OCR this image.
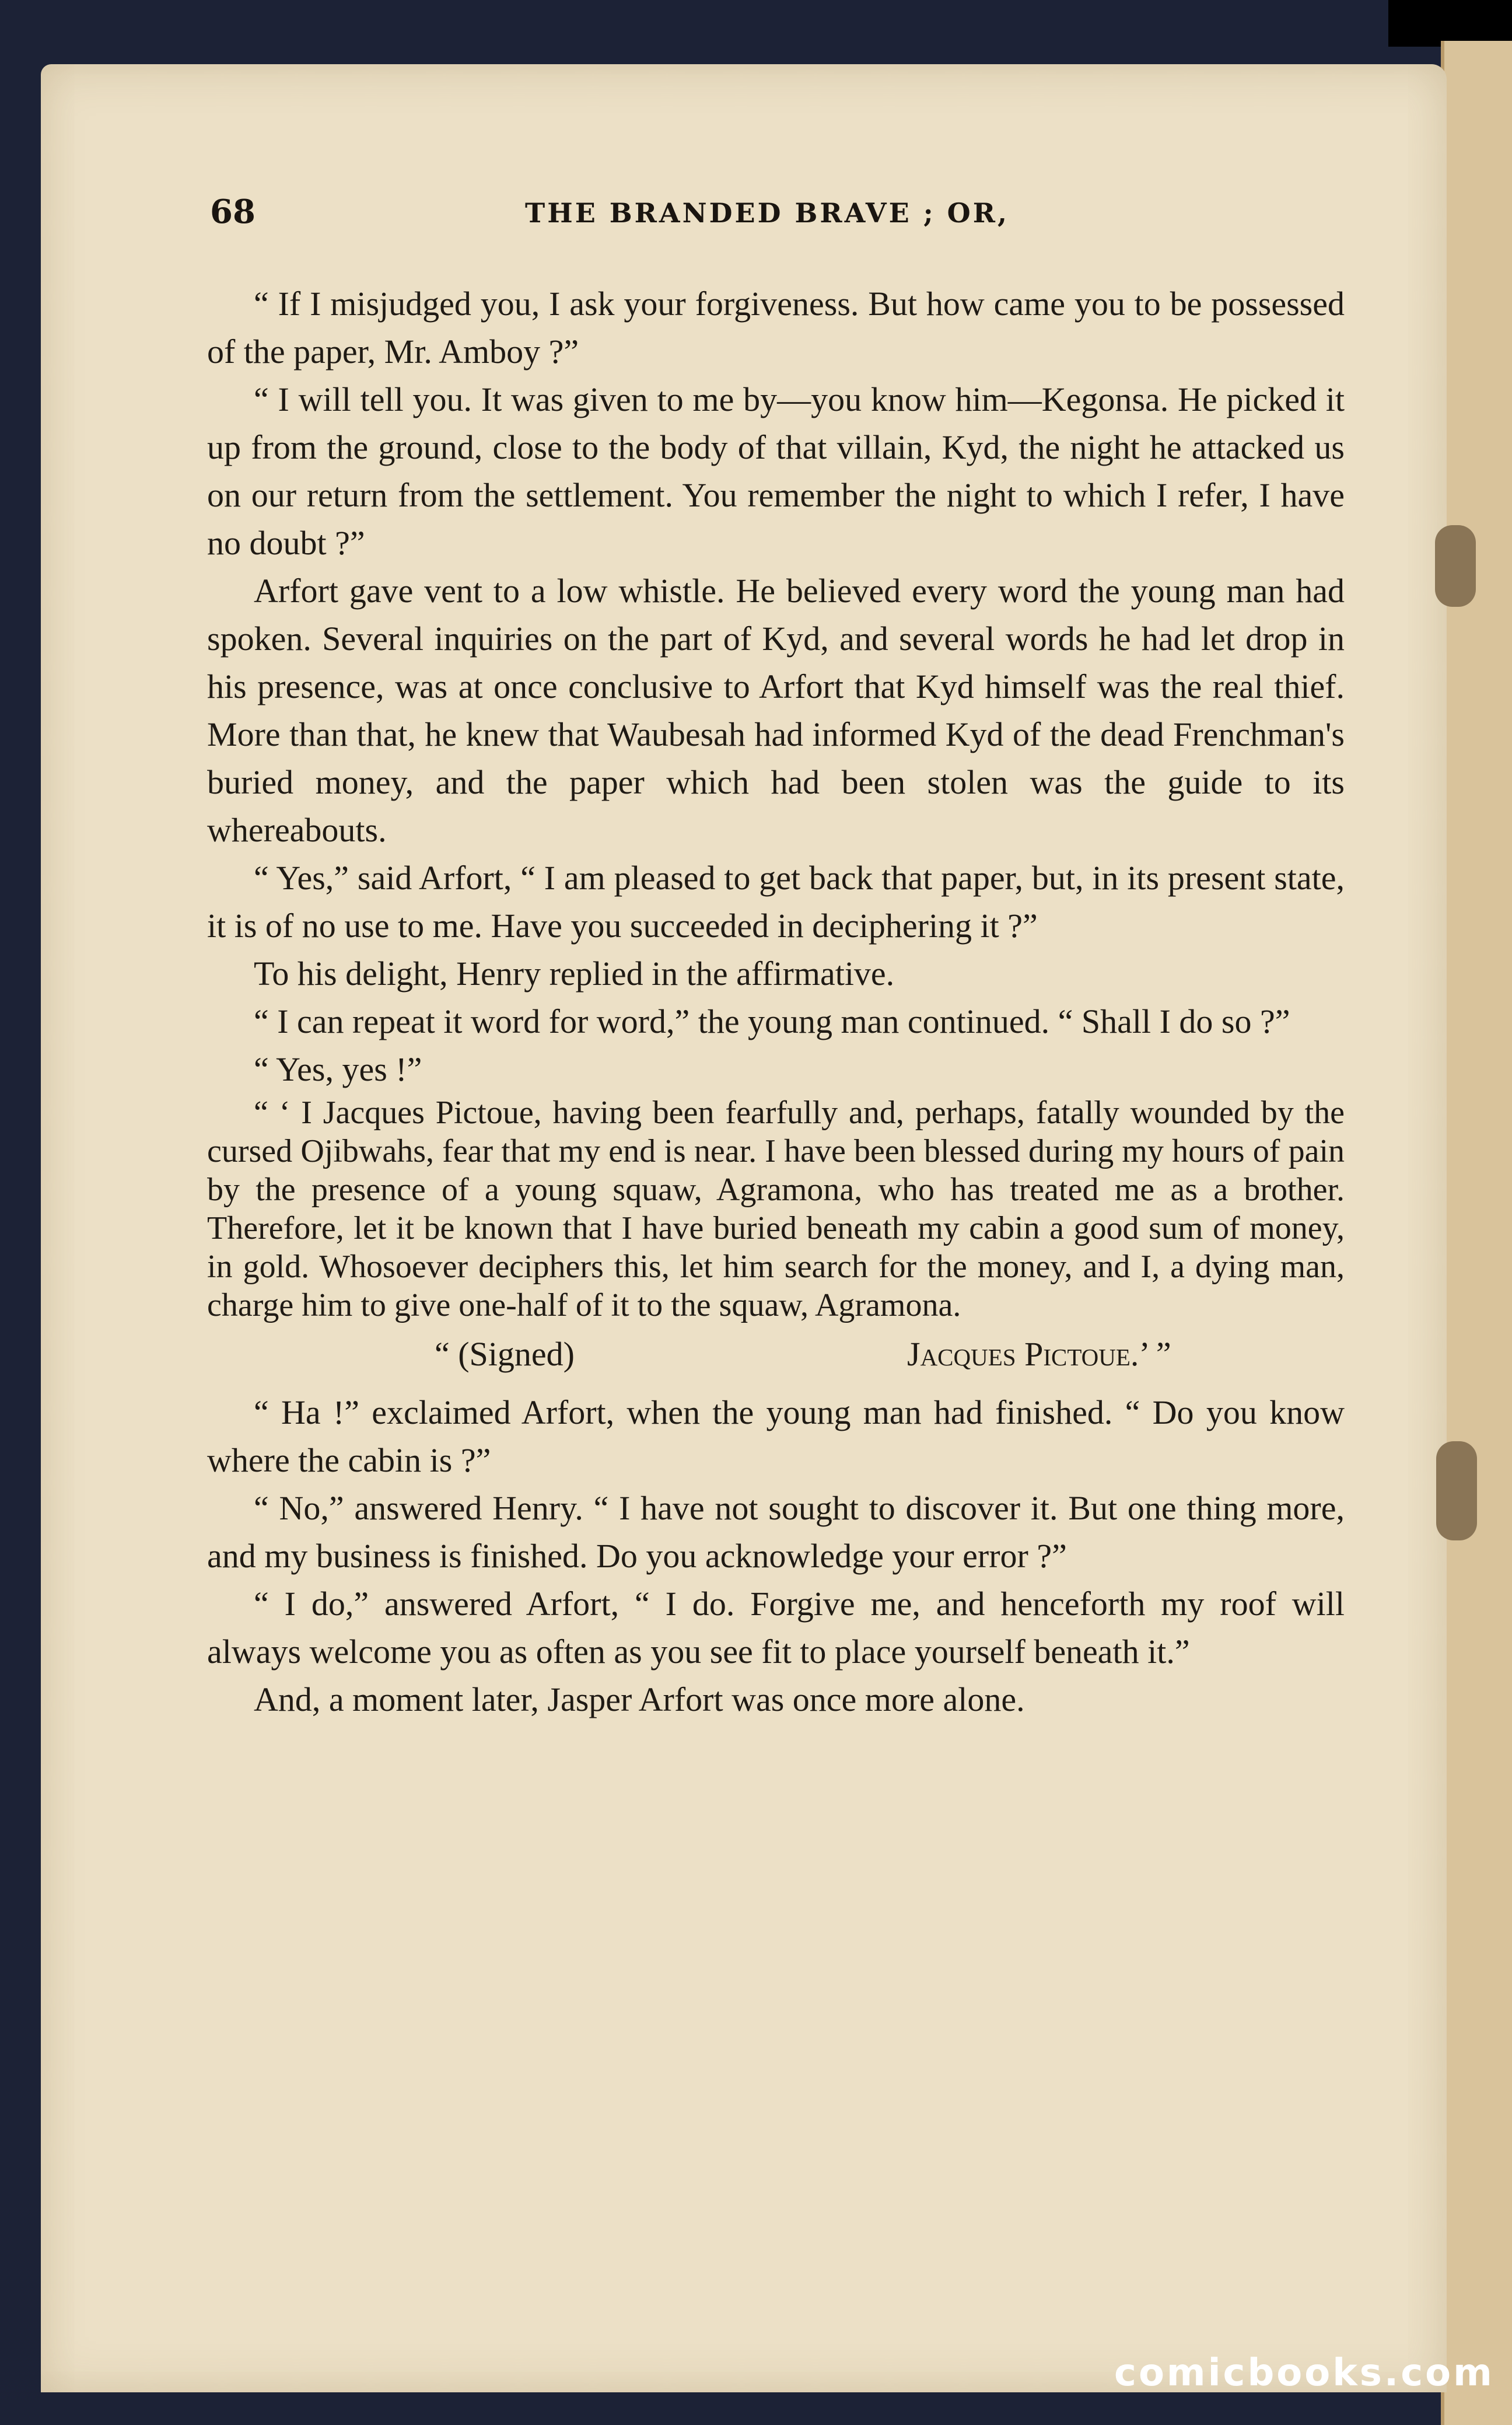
68	THE BRANDED BRAVE ; OR,

“ If I misjudged you, I ask your forgiveness. But how came you to be possessed of the paper, Mr. Amboy ?”

“ I will tell you. It was given to me by—you know him—Kegonsa. He picked it up from the ground, close to the body of that villain, Kyd, the night he attacked us on our return from the settlement. You remember the night to which I refer, I have no doubt ?”

Arfort gave vent to a low whistle. He believed every word the young man had spoken. Several inquiries on the part of Kyd, and several words he had let drop in his presence, was at once conclusive to Arfort that Kyd himself was the real thief. More than that, he knew that Waubesah had informed Kyd of the dead Frenchman's buried money, and the paper which had been stolen was the guide to its whereabouts.

“ Yes,” said Arfort, “ I am pleased to get back that paper, but, in its present state, it is of no use to me. Have you succeeded in deciphering it ?”

To his delight, Henry replied in the affirmative.

“ I can repeat it word for word,” the young man continued. “ Shall I do so ?”

“ Yes, yes !”

“ ‘ I Jacques Pictoue, having been fearfully and, perhaps, fatally wounded by the cursed Ojibwahs, fear that my end is near. I have been blessed during my hours of pain by the presence of a young squaw, Agramona, who has treated me as a brother. Therefore, let it be known that I have buried beneath my cabin a good sum of money, in gold. Whosoever deciphers this, let him search for the money, and I, a dying man, charge him to give one-half of it to the squaw, Agramona.

“ (Signed)	Jacques Pictoue.’ ”

“ Ha !” exclaimed Arfort, when the young man had finished. “ Do you know where the cabin is ?”

“ No,” answered Henry. “ I have not sought to discover it. But one thing more, and my business is finished. Do you acknowledge your error ?”

“ I do,” answered Arfort, “ I do. Forgive me, and henceforth my roof will always welcome you as often as you see fit to place yourself beneath it.”

And, a moment later, Jasper Arfort was once more alone.

comicbooks.com
